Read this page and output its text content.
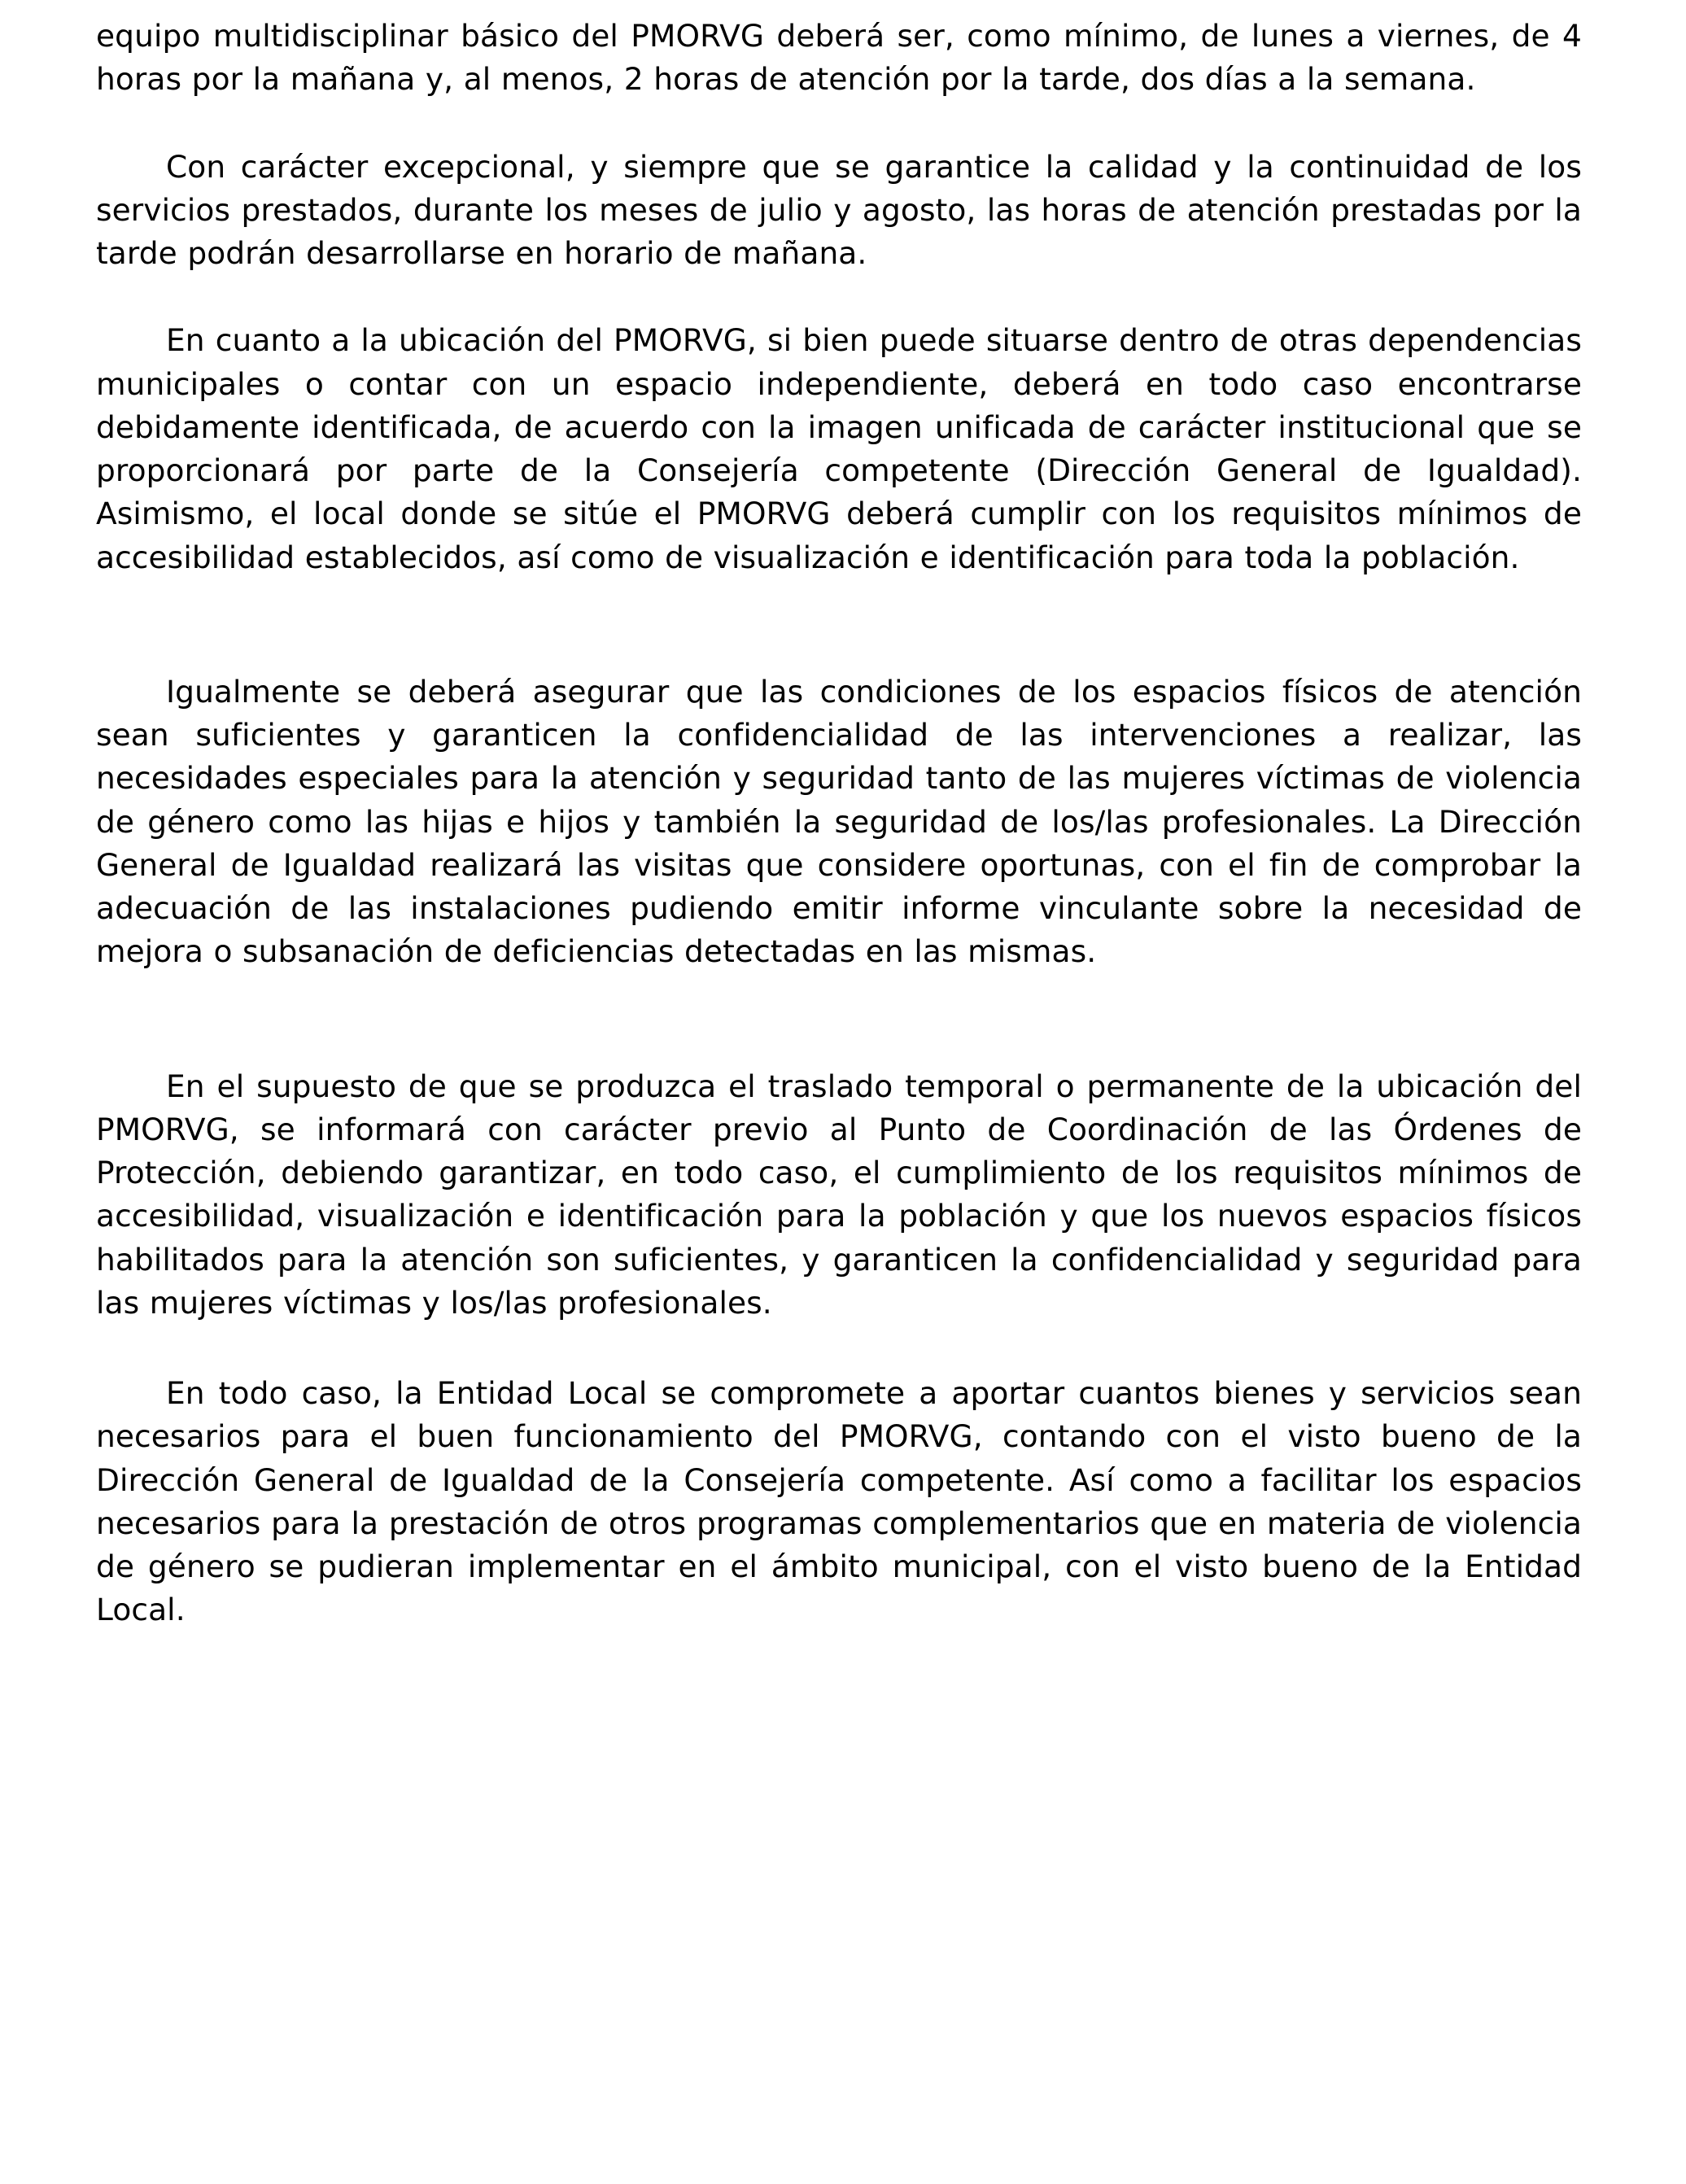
equipo multidisciplinar básico del PMORVG deberá ser, como mínimo, de lunes a viernes, de 4 horas por la mañana y, al menos, 2 horas de atención por la tarde, dos días a la semana.

Con carácter excepcional, y siempre que se garantice la calidad y la continuidad de los servicios prestados, durante los meses de julio y agosto, las horas de atención prestadas por la tarde podrán desarrollarse en horario de mañana.

En cuanto a la ubicación del PMORVG, si bien puede situarse dentro de otras dependencias municipales o contar con un espacio independiente, deberá en todo caso encontrarse debidamente identificada, de acuerdo con la imagen unificada de carácter institucional que se proporcionará por parte de la Consejería competente (Dirección General de Igualdad). Asimismo, el local donde se sitúe el PMORVG deberá cumplir con los requisitos mínimos de accesibilidad establecidos, así como de visualización e identificación para toda la población.

Igualmente se deberá asegurar que las condiciones de los espacios físicos de atención sean suficientes y garanticen la confidencialidad de las intervenciones a realizar, las necesidades especiales para la atención y seguridad tanto de las mujeres víctimas de violencia de género como las hijas e hijos y también la seguridad de los/las profesionales. La Dirección General de Igualdad realizará las visitas que considere oportunas, con el fin de comprobar la adecuación de las instalaciones pudiendo emitir informe vinculante sobre la necesidad de mejora o subsanación de deficiencias detectadas en las mismas.

En el supuesto de que se produzca el traslado temporal o permanente de la ubicación del PMORVG, se informará con carácter previo al Punto de Coordinación de las Órdenes de Protección, debiendo garantizar, en todo caso, el cumplimiento de los requisitos mínimos de accesibilidad, visualización e identificación para la población y que los nuevos espacios físicos habilitados para la atención son suficientes, y garanticen la confidencialidad y seguridad para las mujeres víctimas y los/las profesionales.

En todo caso, la Entidad Local se compromete a aportar cuantos bienes y servicios sean necesarios para el buen funcionamiento del PMORVG, contando con el visto bueno de la Dirección General de Igualdad de la Consejería competente. Así como a facilitar los espacios necesarios para la prestación de otros programas complementarios que en materia de violencia de género se pudieran implementar en el ámbito municipal, con el visto bueno de la Entidad Local.
